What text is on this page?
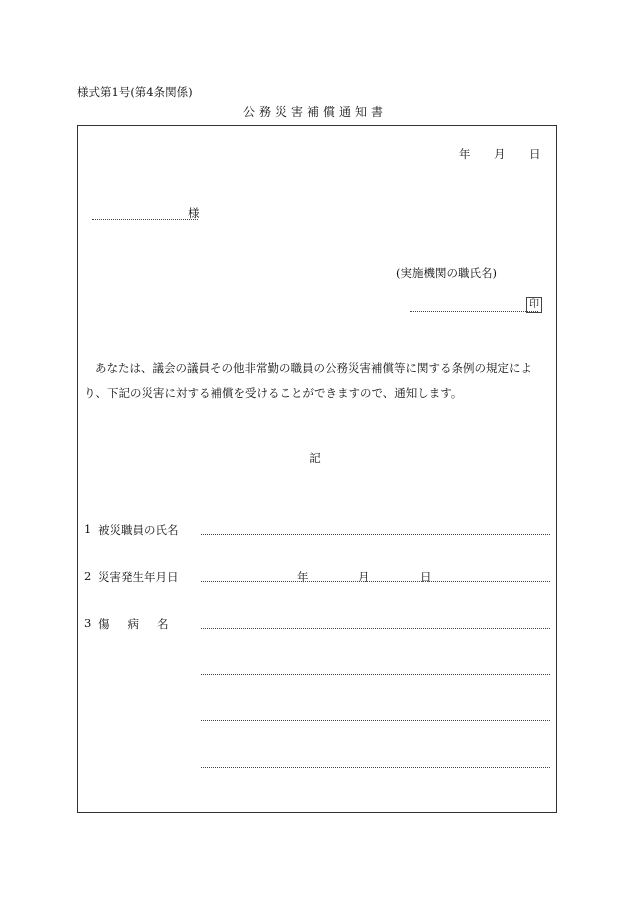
様式第1号(第4条関係)
公務災害補償通知書
年 月 日
様
(実施機関の職氏名)
印
あなたは、議会の議員その他非常勤の職員の公務災害補償等に関する条例の規定により、下記の災害に対する補償を受けることができますので、通知します。
記
1 被災職員の氏名
2 災害発生年月日	年	月	日
3 傷病名
